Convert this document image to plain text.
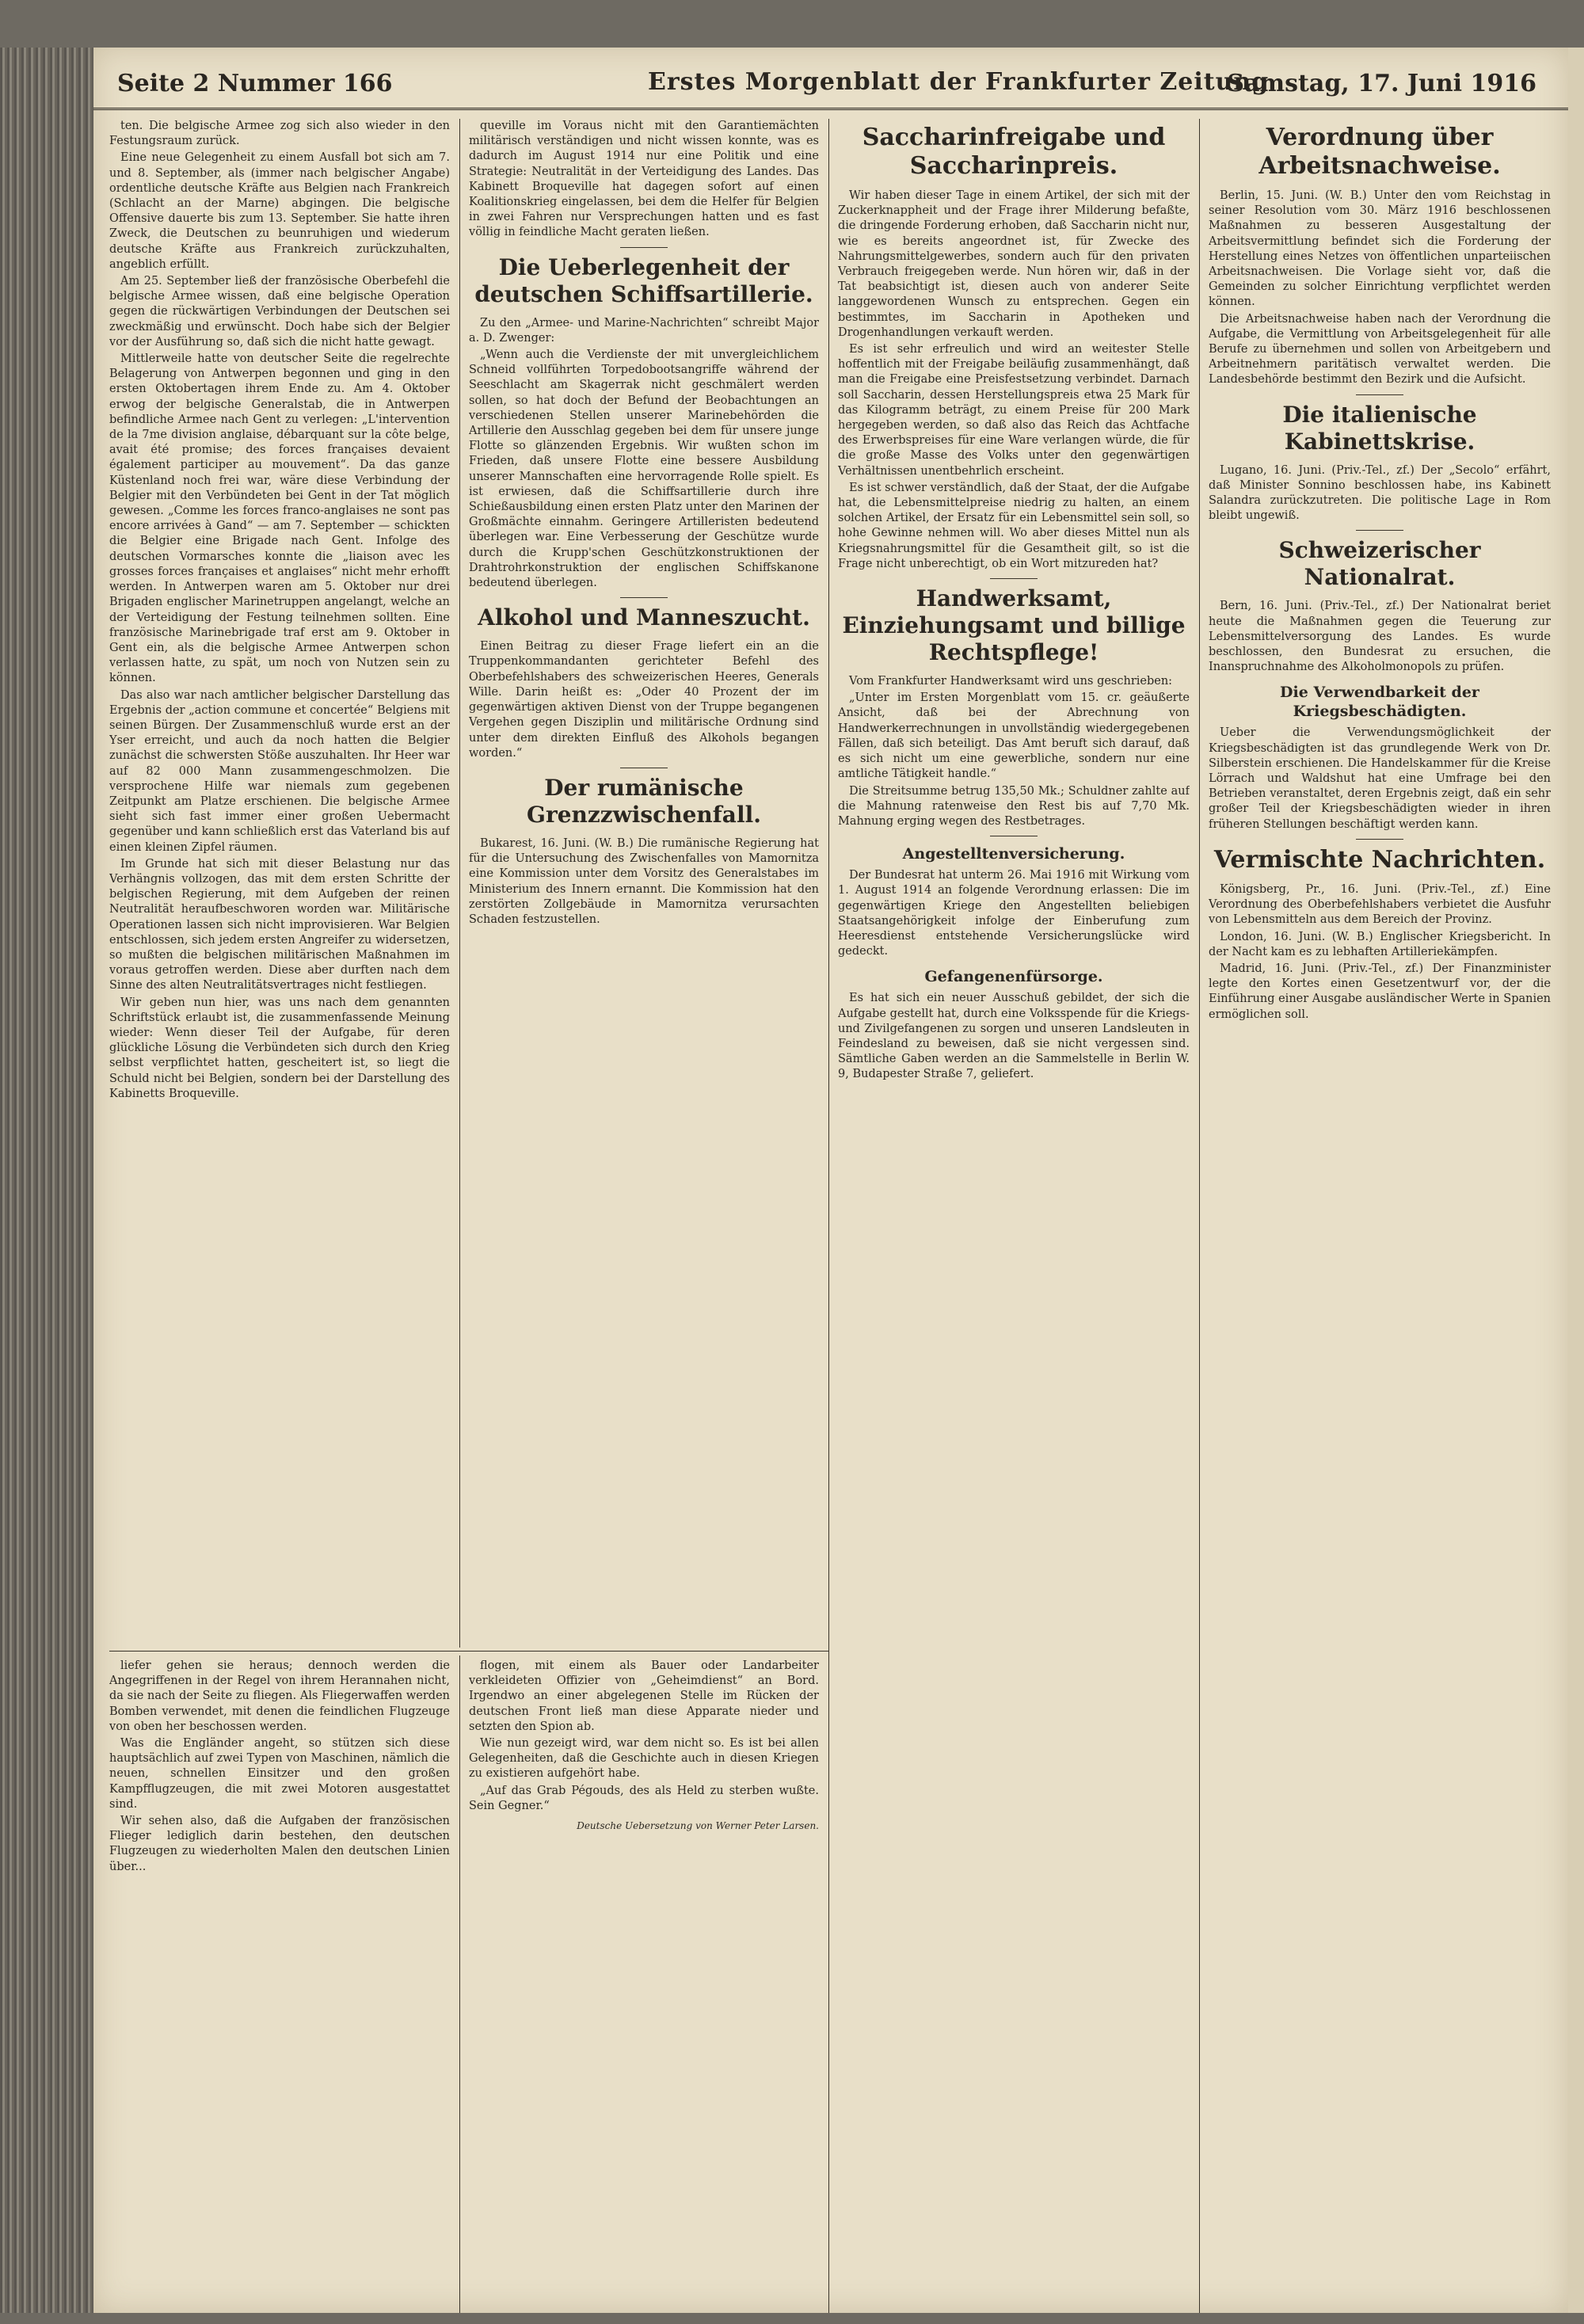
Seite 2 Nummer 166	Erstes Morgenblatt der Frankfurter Zeitung
Samstag, 17. Juni 1916

ten. Die belgische Armee zog sich also wieder in den Festungsraum zurück.

Eine neue Gelegenheit zu einem Ausfall bot sich am 7. und 8. September, als (immer nach belgischer Angabe) ordentliche deutsche Kräfte aus Belgien nach Frankreich (Schlacht an der Marne) abgingen. Die belgische Offensive dauerte bis zum 13. September. Sie hatte ihren Zweck, die Deutschen zu beunruhigen und wiederum deutsche Kräfte aus Frankreich zurückzuhalten, angeblich erfüllt.

Am 25. September ließ der französische Oberbefehl die belgische Armee wissen, daß eine belgische Operation gegen die rückwärtigen Verbindungen der Deutschen sei zweckmäßig und erwünscht. Doch habe sich der Belgier vor der Ausführung so, daß sich die nicht hatte gewagt.

Mittlerweile hatte von deutscher Seite die regelrechte Belagerung von Antwerpen begonnen und ging in den ersten Oktobertagen ihrem Ende zu. Am 4. Oktober erwog der belgische Generalstab, die in Antwerpen befindliche Armee nach Gent zu verlegen: „L'intervention de la 7me division anglaise, débarquant sur la côte belge, avait été promise; des forces françaises devaient également participer au mouvement“. Da das ganze Küstenland noch frei war, wäre diese Verbindung der Belgier mit den Verbündeten bei Gent in der Tat möglich gewesen. „Comme les forces franco-anglaises ne sont pas encore arrivées à Gand“ — am 7. September — schickten die Belgier eine Brigade nach Gent. Infolge des deutschen Vormarsches konnte die „liaison avec les grosses forces françaises et anglaises“ nicht mehr erhofft werden. In Antwerpen waren am 5. Oktober nur drei Brigaden englischer Marinetruppen angelangt, welche an der Verteidigung der Festung teilnehmen sollten. Eine französische Marinebrigade traf erst am 9. Oktober in Gent ein, als die belgische Armee Antwerpen schon verlassen hatte, zu spät, um noch von Nutzen sein zu können.

Das also war nach amtlicher belgischer Darstellung das Ergebnis der „action commune et concertée“ Belgiens mit seinen Bürgen. Der Zusammenschluß wurde erst an der Yser erreicht, und auch da noch hatten die Belgier zunächst die schwersten Stöße auszuhalten. Ihr Heer war auf 82 000 Mann zusammengeschmolzen. Die versprochene Hilfe war niemals zum gegebenen Zeitpunkt am Platze erschienen. Die belgische Armee sieht sich fast immer einer großen Uebermacht gegenüber und kann schließlich erst das Vaterland bis auf einen kleinen Zipfel räumen.

Im Grunde hat sich mit dieser Belastung nur das Verhängnis vollzogen, das mit dem ersten Schritte der belgischen Regierung, mit dem Aufgeben der reinen Neutralität heraufbeschworen worden war. Militärische Operationen lassen sich nicht improvisieren. War Belgien entschlossen, sich jedem ersten Angreifer zu widersetzen, so mußten die belgischen militärischen Maßnahmen im voraus getroffen werden. Diese aber durften nach dem Sinne des alten Neutralitätsvertrages nicht festliegen.

Wir geben nun hier, was uns nach dem genannten Schriftstück erlaubt ist, die zusammenfassende Meinung wieder: Wenn dieser Teil der Aufgabe, für deren glückliche Lösung die Verbündeten sich durch den Krieg selbst verpflichtet hatten, gescheitert ist, so liegt die Schuld nicht bei Belgien, sondern bei der Darstellung des Kabinetts Broqueville.

queville im Voraus nicht mit den Garantiemächten militärisch verständigen und nicht wissen konnte, was es dadurch im August 1914 nur eine Politik und eine Strategie: Neutralität in der Verteidigung des Landes. Das Kabinett Broqueville hat dagegen sofort auf einen Koalitionskrieg eingelassen, bei dem die Helfer für Belgien in zwei Fahren nur Versprechungen hatten und es fast völlig in feindliche Macht geraten ließen.

Die Ueberlegenheit der deutschen Schiffsartillerie.

Zu den „Armee- und Marine-Nachrichten“ schreibt Major a. D. Zwenger:

„Wenn auch die Verdienste der mit unvergleichlichem Schneid vollführten Torpedobootsangriffe während der Seeschlacht am Skagerrak nicht geschmälert werden sollen, so hat doch der Befund der Beobachtungen an verschiedenen Stellen unserer Marinebehörden die Artillerie den Ausschlag gegeben bei dem für unsere junge Flotte so glänzenden Ergebnis. Wir wußten schon im Frieden, daß unsere Flotte eine bessere Ausbildung unserer Mannschaften eine hervorragende Rolle spielt. Es ist erwiesen, daß die Schiffsartillerie durch ihre Schießausbildung einen ersten Platz unter den Marinen der Großmächte einnahm. Geringere Artilleristen bedeutend überlegen war. Eine Verbesserung der Geschütze wurde durch die Krupp'schen Geschützkonstruktionen der Drahtrohrkonstruktion der englischen Schiffskanone bedeutend überlegen.

Alkohol und Manneszucht.

Einen Beitrag zu dieser Frage liefert ein an die Truppenkommandanten gerichteter Befehl des Oberbefehlshabers des schweizerischen Heeres, Generals Wille. Darin heißt es: „Oder 40 Prozent der im gegenwärtigen aktiven Dienst von der Truppe begangenen Vergehen gegen Disziplin und militärische Ordnung sind unter dem direkten Einfluß des Alkohols begangen worden.“

Der rumänische Grenzzwischenfall.

Bukarest, 16. Juni. (W. B.) Die rumänische Regierung hat für die Untersuchung des Zwischenfalles von Mamornitza eine Kommission unter dem Vorsitz des Generalstabes im Ministerium des Innern ernannt. Die Kommission hat den zerstörten Zollgebäude in Mamornitza verursachten Schaden festzustellen.

Saccharinfreigabe und Saccharinpreis.

Wir haben dieser Tage in einem Artikel, der sich mit der Zuckerknappheit und der Frage ihrer Milderung befaßte, die dringende Forderung erhoben, daß Saccharin nicht nur, wie es bereits angeordnet ist, für Zwecke des Nahrungsmittelgewerbes, sondern auch für den privaten Verbrauch freigegeben werde. Nun hören wir, daß in der Tat beabsichtigt ist, diesen auch von anderer Seite langgewordenen Wunsch zu entsprechen. Gegen ein bestimmtes, im Saccharin in Apotheken und Drogenhandlungen verkauft werden.

Es ist sehr erfreulich und wird an weitester Stelle hoffentlich mit der Freigabe beiläufig zusammenhängt, daß man die Freigabe eine Preisfestsetzung verbindet. Darnach soll Saccharin, dessen Herstellungspreis etwa 25 Mark für das Kilogramm beträgt, zu einem Preise für 200 Mark hergegeben werden, so daß also das Reich das Achtfache des Erwerbspreises für eine Ware verlangen würde, die für die große Masse des Volks unter den gegenwärtigen Verhältnissen unentbehrlich erscheint.

Es ist schwer verständlich, daß der Staat, der die Aufgabe hat, die Lebensmittelpreise niedrig zu halten, an einem solchen Artikel, der Ersatz für ein Lebensmittel sein soll, so hohe Gewinne nehmen will. Wo aber dieses Mittel nun als Kriegsnahrungsmittel für die Gesamtheit gilt, so ist die Frage nicht unberechtigt, ob ein Wort mitzureden hat?

Handwerksamt, Einziehungsamt und billige Rechtspflege!

Vom Frankfurter Handwerksamt wird uns geschrieben:

„Unter im Ersten Morgenblatt vom 15. cr. geäußerte Ansicht, daß bei der Abrechnung von Handwerkerrechnungen in unvollständig wiedergegebenen Fällen, daß sich beteiligt. Das Amt beruft sich darauf, daß es sich nicht um eine gewerbliche, sondern nur eine amtliche Tätigkeit handle.“

Die Streitsumme betrug 135,50 Mk.; Schuldner zahlte auf die Mahnung ratenweise den Rest bis auf 7,70 Mk. Mahnung erging wegen des Restbetrages.

Angestelltenversicherung.

Der Bundesrat hat unterm 26. Mai 1916 mit Wirkung vom 1. August 1914 an folgende Verordnung erlassen: Die im gegenwärtigen Kriege den Angestellten beliebigen Staatsangehörigkeit infolge der Einberufung zum Heeresdienst entstehende Versicherungslücke wird gedeckt.

Gefangenenfürsorge.

Es hat sich ein neuer Ausschuß gebildet, der sich die Aufgabe gestellt hat, durch eine Volksspende für die Kriegs- und Zivilgefangenen zu sorgen und unseren Landsleuten in Feindesland zu beweisen, daß sie nicht vergessen sind. Sämtliche Gaben werden an die Sammelstelle in Berlin W. 9, Budapester Straße 7, geliefert.

Verordnung über Arbeitsnachweise.

Berlin, 15. Juni. (W. B.) Unter den vom Reichstag in seiner Resolution vom 30. März 1916 beschlossenen Maßnahmen zu besseren Ausgestaltung der Arbeitsvermittlung befindet sich die Forderung der Herstellung eines Netzes von öffentlichen unparteiischen Arbeitsnachweisen. Die Vorlage sieht vor, daß die Gemeinden zu solcher Einrichtung verpflichtet werden können.

Die Arbeitsnachweise haben nach der Verordnung die Aufgabe, die Vermittlung von Arbeitsgelegenheit für alle Berufe zu übernehmen und sollen von Arbeitgebern und Arbeitnehmern paritätisch verwaltet werden. Die Landesbehörde bestimmt den Bezirk und die Aufsicht.

Die italienische Kabinettskrise.

Lugano, 16. Juni. (Priv.-Tel., zf.) Der „Secolo“ erfährt, daß Minister Sonnino beschlossen habe, ins Kabinett Salandra zurückzutreten. Die politische Lage in Rom bleibt ungewiß.

Schweizerischer Nationalrat.

Bern, 16. Juni. (Priv.-Tel., zf.) Der Nationalrat beriet heute die Maßnahmen gegen die Teuerung zur Lebensmittelversorgung des Landes. Es wurde beschlossen, den Bundesrat zu ersuchen, die Inanspruchnahme des Alkoholmonopols zu prüfen.

Die Verwendbarkeit der Kriegsbeschädigten.

Ueber die Verwendungsmöglichkeit der Kriegsbeschädigten ist das grundlegende Werk von Dr. Silberstein erschienen. Die Handelskammer für die Kreise Lörrach und Waldshut hat eine Umfrage bei den Betrieben veranstaltet, deren Ergebnis zeigt, daß ein sehr großer Teil der Kriegsbeschädigten wieder in ihren früheren Stellungen beschäftigt werden kann.

Vermischte Nachrichten.

Königsberg, Pr., 16. Juni. (Priv.-Tel., zf.) Eine Verordnung des Oberbefehlshabers verbietet die Ausfuhr von Lebensmitteln aus dem Bereich der Provinz.

London, 16. Juni. (W. B.) Englischer Kriegsbericht. In der Nacht kam es zu lebhaften Artilleriekämpfen.

Madrid, 16. Juni. (Priv.-Tel., zf.) Der Finanzminister legte den Kortes einen Gesetzentwurf vor, der die Einführung einer Ausgabe ausländischer Werte in Spanien ermöglichen soll.

liefer gehen sie heraus; dennoch werden die Angegriffenen in der Regel von ihrem Herannahen nicht, da sie nach der Seite zu fliegen. Als Fliegerwaffen werden Bomben verwendet, mit denen die feindlichen Flugzeuge von oben her beschossen werden.

Was die Engländer angeht, so stützen sich diese hauptsächlich auf zwei Typen von Maschinen, nämlich die neuen, schnellen Einsitzer und den großen Kampfflugzeugen, die mit zwei Motoren ausgestattet sind.

Wir sehen also, daß die Aufgaben der französischen Flieger lediglich darin bestehen, den deutschen Flugzeugen zu wiederholten Malen den deutschen Linien über...

flogen, mit einem als Bauer oder Landarbeiter verkleideten Offizier von „Geheimdienst“ an Bord. Irgendwo an einer abgelegenen Stelle im Rücken der deutschen Front ließ man diese Apparate nieder und setzten den Spion ab.

Wie nun gezeigt wird, war dem nicht so. Es ist bei allen Gelegenheiten, daß die Geschichte auch in diesen Kriegen zu existieren aufgehört habe.

„Auf das Grab Pégouds, des als Held zu sterben wußte. Sein Gegner.“

Deutsche Uebersetzung von Werner Peter Larsen.
